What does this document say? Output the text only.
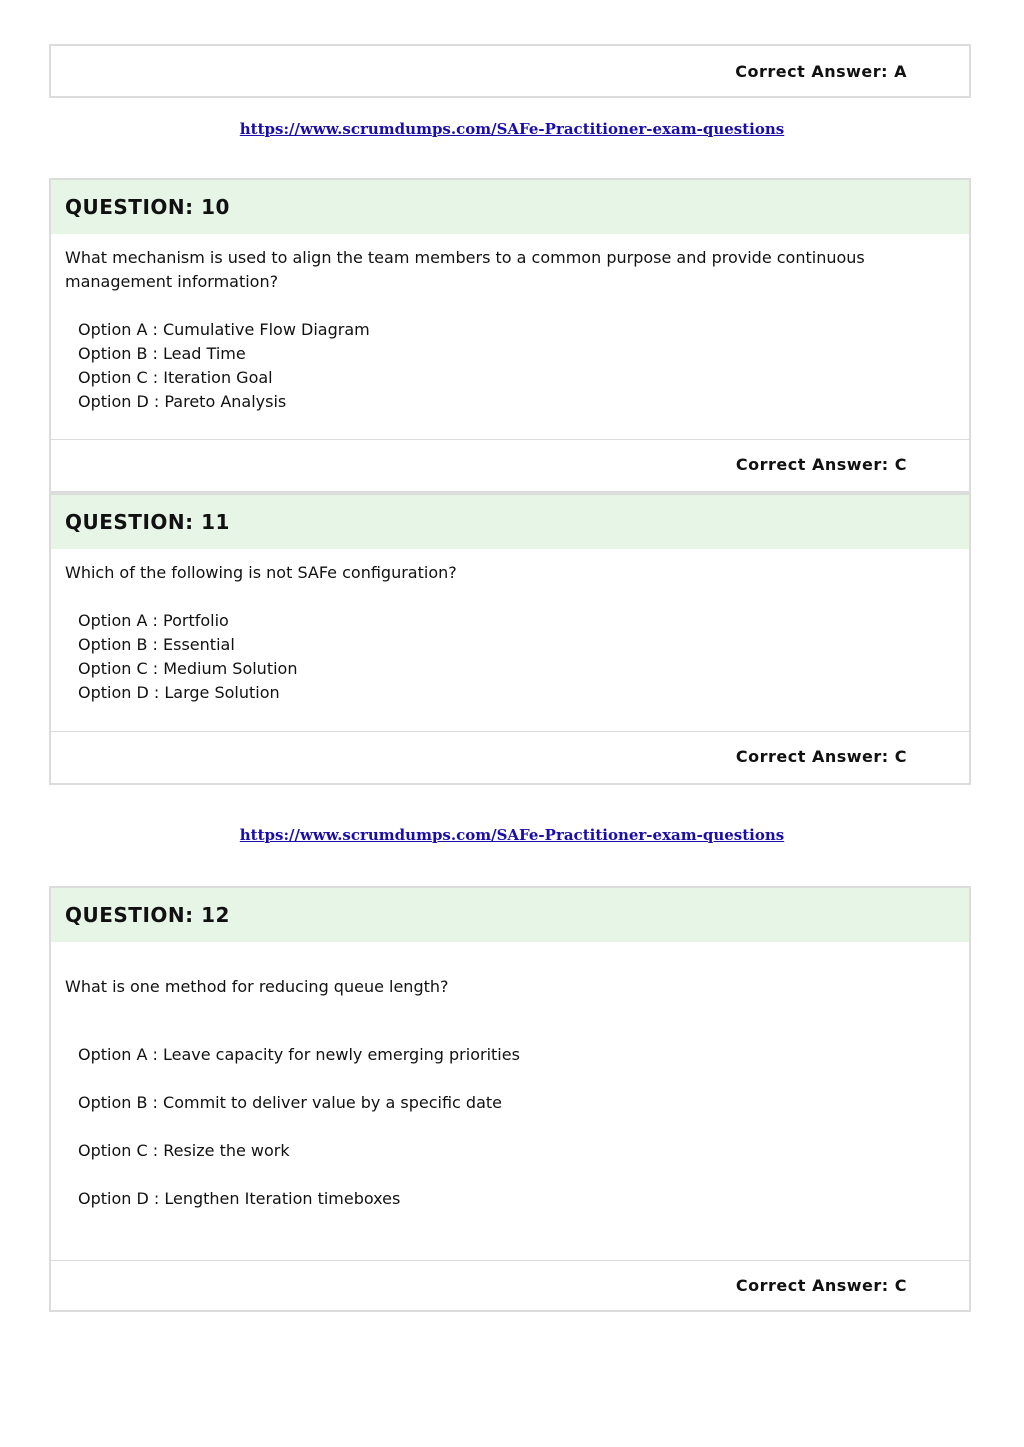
Correct Answer: A
https://www.scrumdumps.com/SAFe-Practitioner-exam-questions
QUESTION: 10
What mechanism is used to align the team members to a common purpose and provide continuous management information?
Option A : Cumulative Flow Diagram
Option B : Lead Time
Option C : Iteration Goal
Option D : Pareto Analysis
Correct Answer: C
QUESTION: 11
Which of the following is not SAFe configuration?
Option A : Portfolio
Option B : Essential
Option C : Medium Solution
Option D : Large Solution
Correct Answer: C
https://www.scrumdumps.com/SAFe-Practitioner-exam-questions
QUESTION: 12
What is one method for reducing queue length?
Option A : Leave capacity for newly emerging priorities
Option B : Commit to deliver value by a specific date
Option C : Resize the work
Option D : Lengthen Iteration timeboxes
Correct Answer: C
